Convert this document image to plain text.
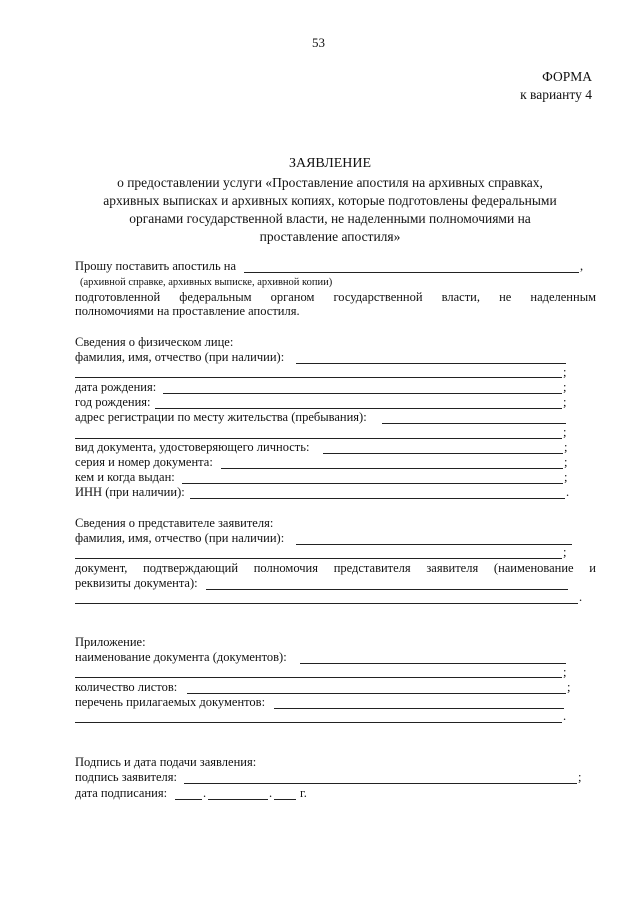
53
ФОРМА
к варианту 4
ЗАЯВЛЕНИЕ
о предоставлении услуги «Проставление апостиля на архивных справках,
архивных выписках и архивных копиях, которые подготовлены федеральными
органами государственной власти, не наделенными полномочиями на
проставление апостиля»
Прошу поставить апостиль на	,
(архивной справке, архивных выписке, архивной копии)
подготовленной федеральным органом государственной власти, не наделенным
полномочиями на проставление апостиля.
Сведения о физическом лице:
фамилия, имя, отчество (при наличии):
;
дата рождения:	;
год рождения:	;
адрес регистрации по месту жительства (пребывания):
;
вид документа, удостоверяющего личность:	;
серия и номер документа:	;
кем и когда выдан:	;
ИНН (при наличии):	.
Сведения о представителе заявителя:
фамилия, имя, отчество (при наличии):
;
документ, подтверждающий полномочия представителя заявителя (наименование и
реквизиты документа):
.
Приложение:
наименование документа (документов):
;
количество листов:	;
перечень прилагаемых документов:
.
Подпись и дата подачи заявления:
подпись заявителя:	;
дата подписания:	.	. г.
